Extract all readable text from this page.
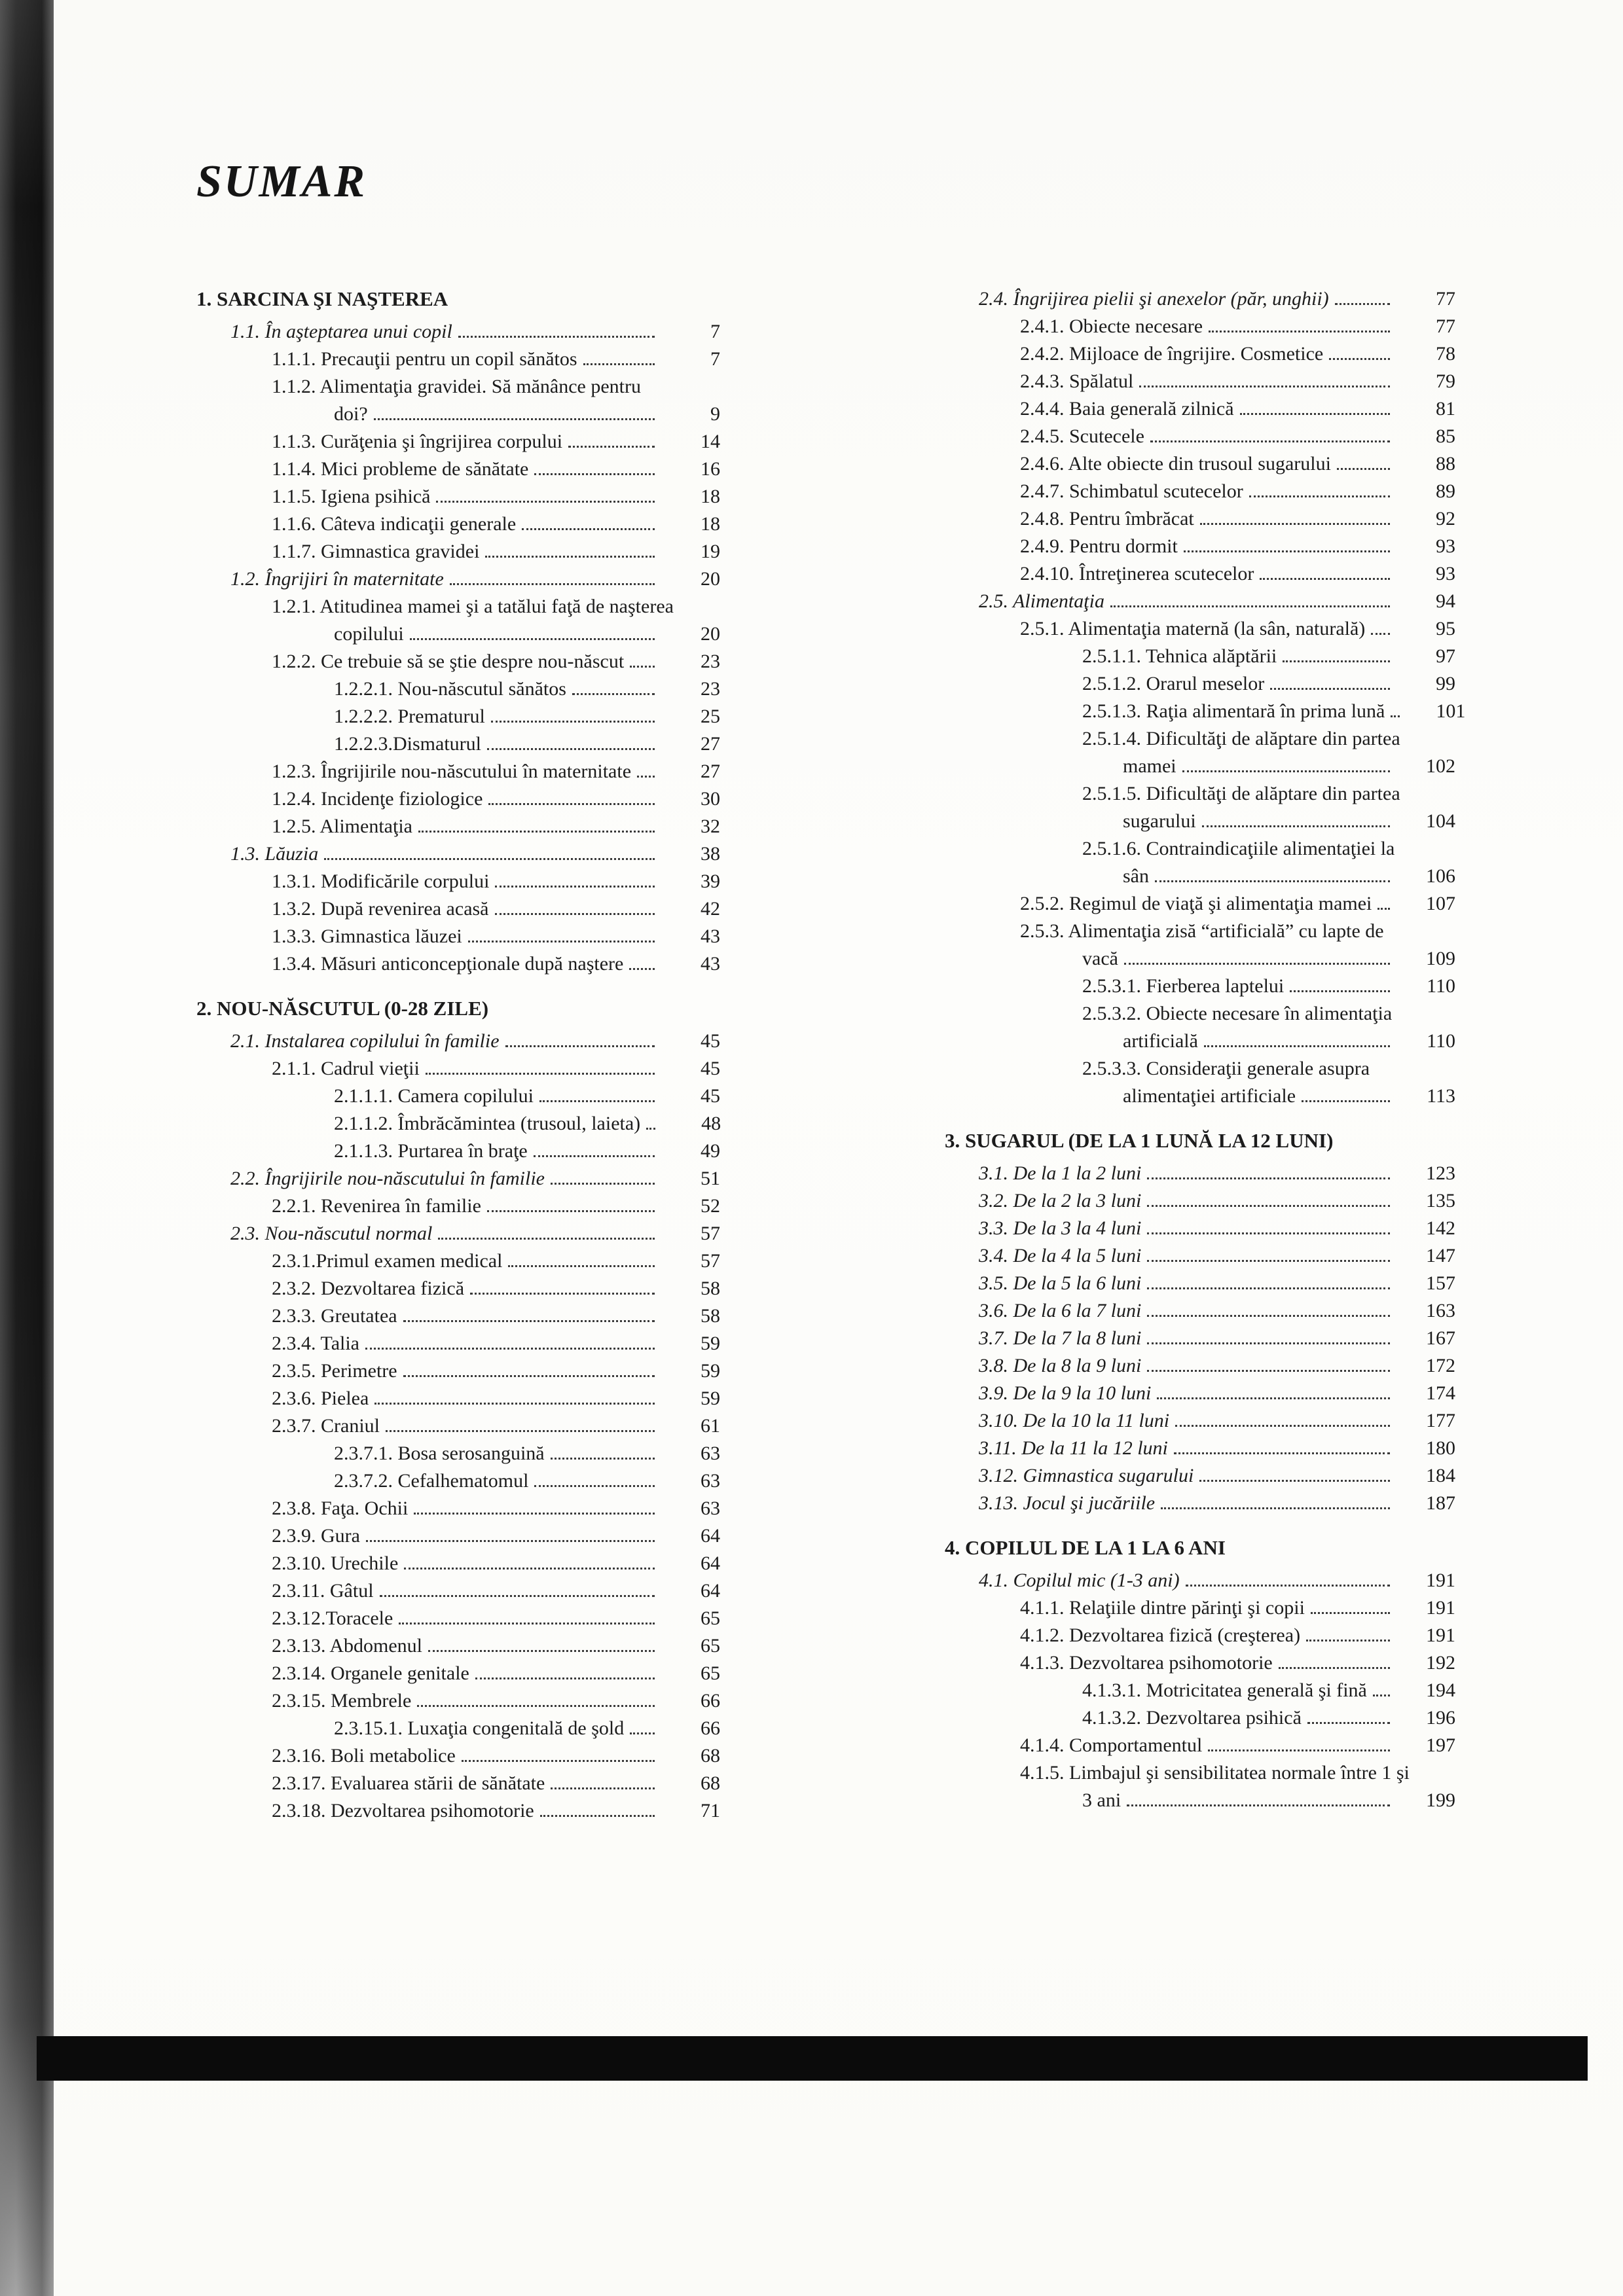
SUMAR
1. SARCINA ŞI NAŞTEREA
1.1. În aşteptarea unui copil	7
1.1.1. Precauţii pentru un copil sănătos	7
1.1.2. Alimentaţia gravidei. Să mănânce pentru
doi?	9
1.1.3. Curăţenia şi îngrijirea corpului	14
1.1.4. Mici probleme de sănătate	16
1.1.5. Igiena psihică	18
1.1.6. Câteva indicaţii generale	18
1.1.7. Gimnastica gravidei	19
1.2. Îngrijiri în maternitate	20
1.2.1. Atitudinea mamei şi a tatălui faţă de naşterea
copilului	20
1.2.2. Ce trebuie să se ştie despre nou-născut	23
1.2.2.1. Nou-născutul sănătos	23
1.2.2.2. Prematurul	25
1.2.2.3.Dismaturul	27
1.2.3. Îngrijirile nou-născutului în maternitate	27
1.2.4. Incidenţe fiziologice	30
1.2.5. Alimentaţia	32
1.3. Lăuzia	38
1.3.1. Modificările corpului	39
1.3.2. După revenirea acasă	42
1.3.3. Gimnastica lăuzei	43
1.3.4. Măsuri anticoncepţionale după naştere	43
2. NOU-NĂSCUTUL (0-28 ZILE)
2.1. Instalarea copilului în familie	45
2.1.1. Cadrul vieţii	45
2.1.1.1. Camera copilului	45
2.1.1.2. Îmbrăcămintea (trusoul, laieta)	48
2.1.1.3. Purtarea în braţe	49
2.2. Îngrijirile nou-născutului în familie	51
2.2.1. Revenirea în familie	52
2.3. Nou-născutul normal	57
2.3.1.Primul examen medical	57
2.3.2. Dezvoltarea fizică	58
2.3.3. Greutatea	58
2.3.4. Talia	59
2.3.5. Perimetre	59
2.3.6. Pielea	59
2.3.7. Craniul	61
2.3.7.1. Bosa serosanguină	63
2.3.7.2. Cefalhematomul	63
2.3.8. Faţa. Ochii	63
2.3.9. Gura	64
2.3.10. Urechile	64
2.3.11. Gâtul	64
2.3.12.Toracele	65
2.3.13. Abdomenul	65
2.3.14. Organele genitale	65
2.3.15. Membrele	66
2.3.15.1. Luxaţia congenitală de şold	66
2.3.16. Boli metabolice	68
2.3.17. Evaluarea stării de sănătate	68
2.3.18. Dezvoltarea psihomotorie	71
2.4. Îngrijirea pielii şi anexelor (păr, unghii)	77
2.4.1. Obiecte necesare	77
2.4.2. Mijloace de îngrijire. Cosmetice	78
2.4.3. Spălatul	79
2.4.4. Baia generală zilnică	81
2.4.5. Scutecele	85
2.4.6. Alte obiecte din trusoul sugarului	88
2.4.7. Schimbatul scutecelor	89
2.4.8. Pentru îmbrăcat	92
2.4.9. Pentru dormit	93
2.4.10. Întreţinerea scutecelor	93
2.5. Alimentaţia	94
2.5.1. Alimentaţia maternă (la sân, naturală)	95
2.5.1.1. Tehnica alăptării	97
2.5.1.2. Orarul meselor	99
2.5.1.3. Raţia alimentară în prima lună	101
2.5.1.4. Dificultăţi de alăptare din partea
mamei	102
2.5.1.5. Dificultăţi de alăptare din partea
sugarului	104
2.5.1.6. Contraindicaţiile alimentaţiei la
sân	106
2.5.2. Regimul de viaţă şi alimentaţia mamei	107
2.5.3. Alimentaţia zisă “artificială” cu lapte de
vacă	109
2.5.3.1. Fierberea laptelui	110
2.5.3.2. Obiecte necesare în alimentaţia
artificială	110
2.5.3.3. Consideraţii generale asupra
alimentaţiei artificiale	113
3. SUGARUL (DE LA 1 LUNĂ LA 12 LUNI)
3.1. De la 1 la 2 luni	123
3.2. De la 2 la 3 luni	135
3.3. De la 3 la 4 luni	142
3.4. De la 4 la 5 luni	147
3.5. De la 5 la 6 luni	157
3.6. De la 6 la 7 luni	163
3.7. De la 7 la 8 luni	167
3.8. De la 8 la 9 luni	172
3.9. De la 9 la 10 luni	174
3.10. De la 10 la 11 luni	177
3.11. De la 11 la 12 luni	180
3.12. Gimnastica sugarului	184
3.13. Jocul şi jucăriile	187
4. COPILUL DE LA 1 LA 6 ANI
4.1. Copilul mic (1-3 ani)	191
4.1.1. Relaţiile dintre părinţi şi copii	191
4.1.2. Dezvoltarea fizică (creşterea)	191
4.1.3. Dezvoltarea psihomotorie	192
4.1.3.1. Motricitatea generală şi fină	194
4.1.3.2. Dezvoltarea psihică	196
4.1.4. Comportamentul	197
4.1.5. Limbajul şi sensibilitatea normale între 1 şi
3 ani	199
